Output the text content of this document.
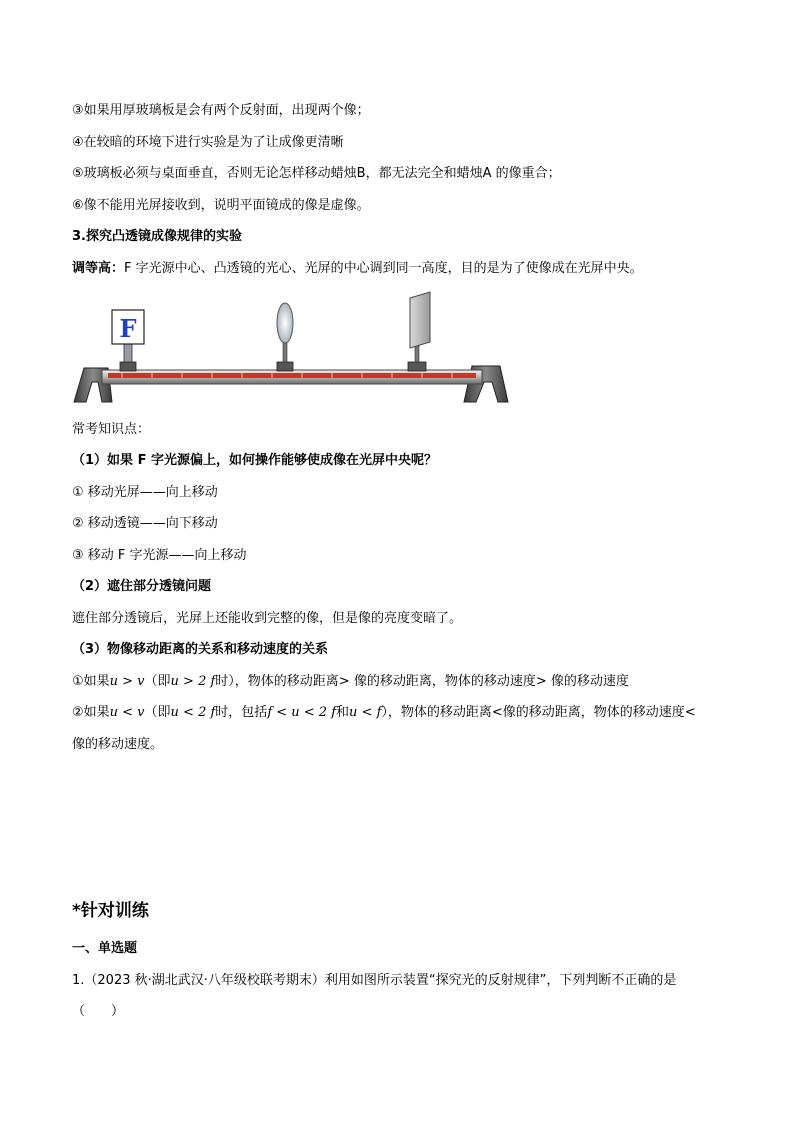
③如果用厚玻璃板是会有两个反射面，出现两个像；
④在较暗的环境下进行实验是为了让成像更清晰
⑤玻璃板必须与桌面垂直，否则无论怎样移动蜡烛B，都无法完全和蜡烛A 的像重合；
⑥像不能用光屏接收到，说明平面镜成的像是虚像。
3.探究凸透镜成像规律的实验
调等高：F 字光源中心、凸透镜的光心、光屏的中心调到同一高度，目的是为了使像成在光屏中央。
F
常考知识点：
（1）如果 F 字光源偏上，如何操作能够使成像在光屏中央呢？
① 移动光屏——向上移动
② 移动透镜——向下移动
③ 移动 F 字光源——向上移动
（2）遮住部分透镜问题
遮住部分透镜后，光屏上还能收到完整的像，但是像的亮度变暗了。
（3）物像移动距离的关系和移动速度的关系
①如果u > v（即u > 2 f时），物体的移动距离> 像的移动距离，物体的移动速度> 像的移动速度
②如果u < v（即u < 2 f时，包括f < u < 2 f和u < f），物体的移动距离<像的移动距离，物体的移动速度<
像的移动速度。
*针对训练
一、单选题
1.（2023 秋·湖北武汉·八年级校联考期末）利用如图所示装置“探究光的反射规律”，下列判断不正确的是
（　　）
